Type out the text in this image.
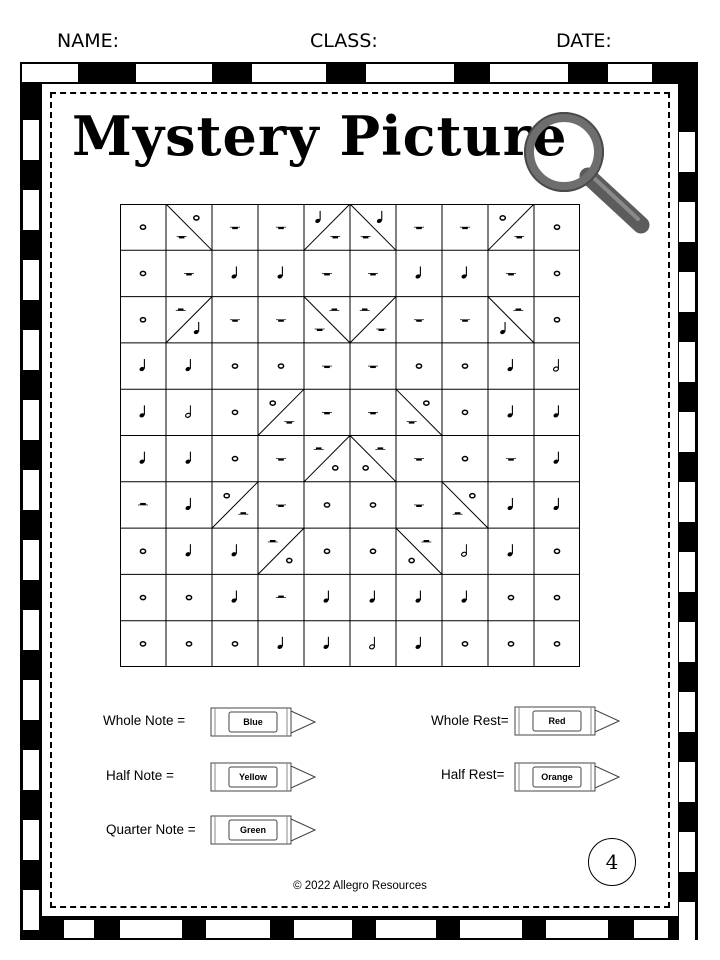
NAME:	CLASS:	DATE:
Mystery Picture
Whole Note =
Half Note =
Quarter Note =
Whole Rest=
Half Rest=
Blue
Yellow
Green
Red
Orange
4
© 2022 Allegro Resources
